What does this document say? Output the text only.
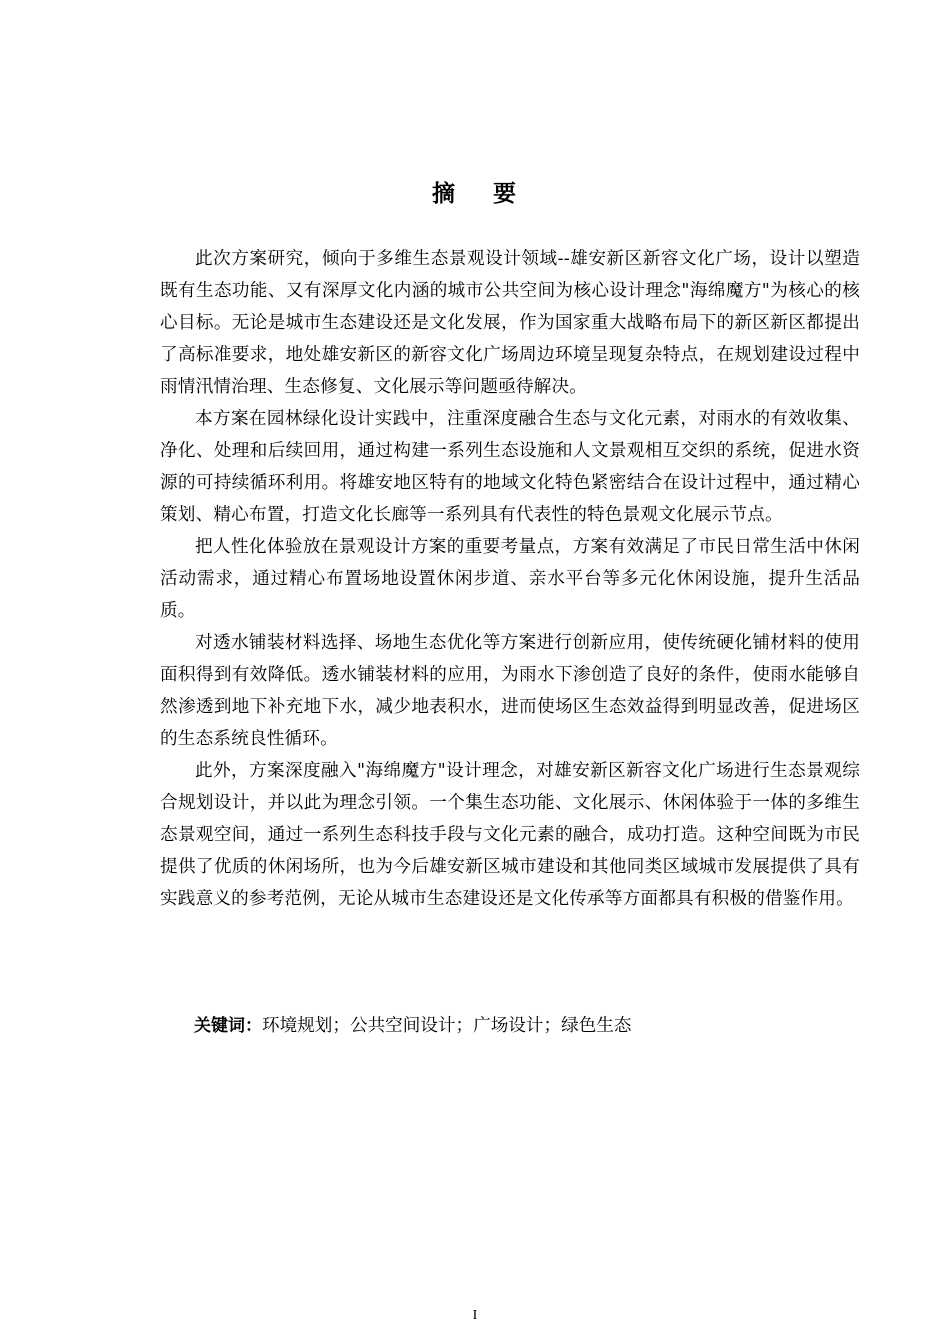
摘 要

此次方案研究，倾向于多维生态景观设计领域--雄安新区新容文化广场，设计以塑造既有生态功能、又有深厚文化内涵的城市公共空间为核心设计理念"海绵魔方"为核心的核心目标。无论是城市生态建设还是文化发展，作为国家重大战略布局下的新区新区都提出了高标准要求，地处雄安新区的新容文化广场周边环境呈现复杂特点，在规划建设过程中雨情汛情治理、生态修复、文化展示等问题亟待解决。

本方案在园林绿化设计实践中，注重深度融合生态与文化元素，对雨水的有效收集、净化、处理和后续回用，通过构建一系列生态设施和人文景观相互交织的系统，促进水资源的可持续循环利用。将雄安地区特有的地域文化特色紧密结合在设计过程中，通过精心策划、精心布置，打造文化长廊等一系列具有代表性的特色景观文化展示节点。

把人性化体验放在景观设计方案的重要考量点，方案有效满足了市民日常生活中休闲活动需求，通过精心布置场地设置休闲步道、亲水平台等多元化休闲设施，提升生活品质。

对透水铺装材料选择、场地生态优化等方案进行创新应用，使传统硬化铺材料的使用面积得到有效降低。透水铺装材料的应用，为雨水下渗创造了良好的条件，使雨水能够自然渗透到地下补充地下水，减少地表积水，进而使场区生态效益得到明显改善，促进场区的生态系统良性循环。

此外，方案深度融入"海绵魔方"设计理念，对雄安新区新容文化广场进行生态景观综合规划设计，并以此为理念引领。一个集生态功能、文化展示、休闲体验于一体的多维生态景观空间，通过一系列生态科技手段与文化元素的融合，成功打造。这种空间既为市民提供了优质的休闲场所，也为今后雄安新区城市建设和其他同类区域城市发展提供了具有实践意义的参考范例，无论从城市生态建设还是文化传承等方面都具有积极的借鉴作用。

关键词：环境规划；公共空间设计；广场设计；绿色生态
I
